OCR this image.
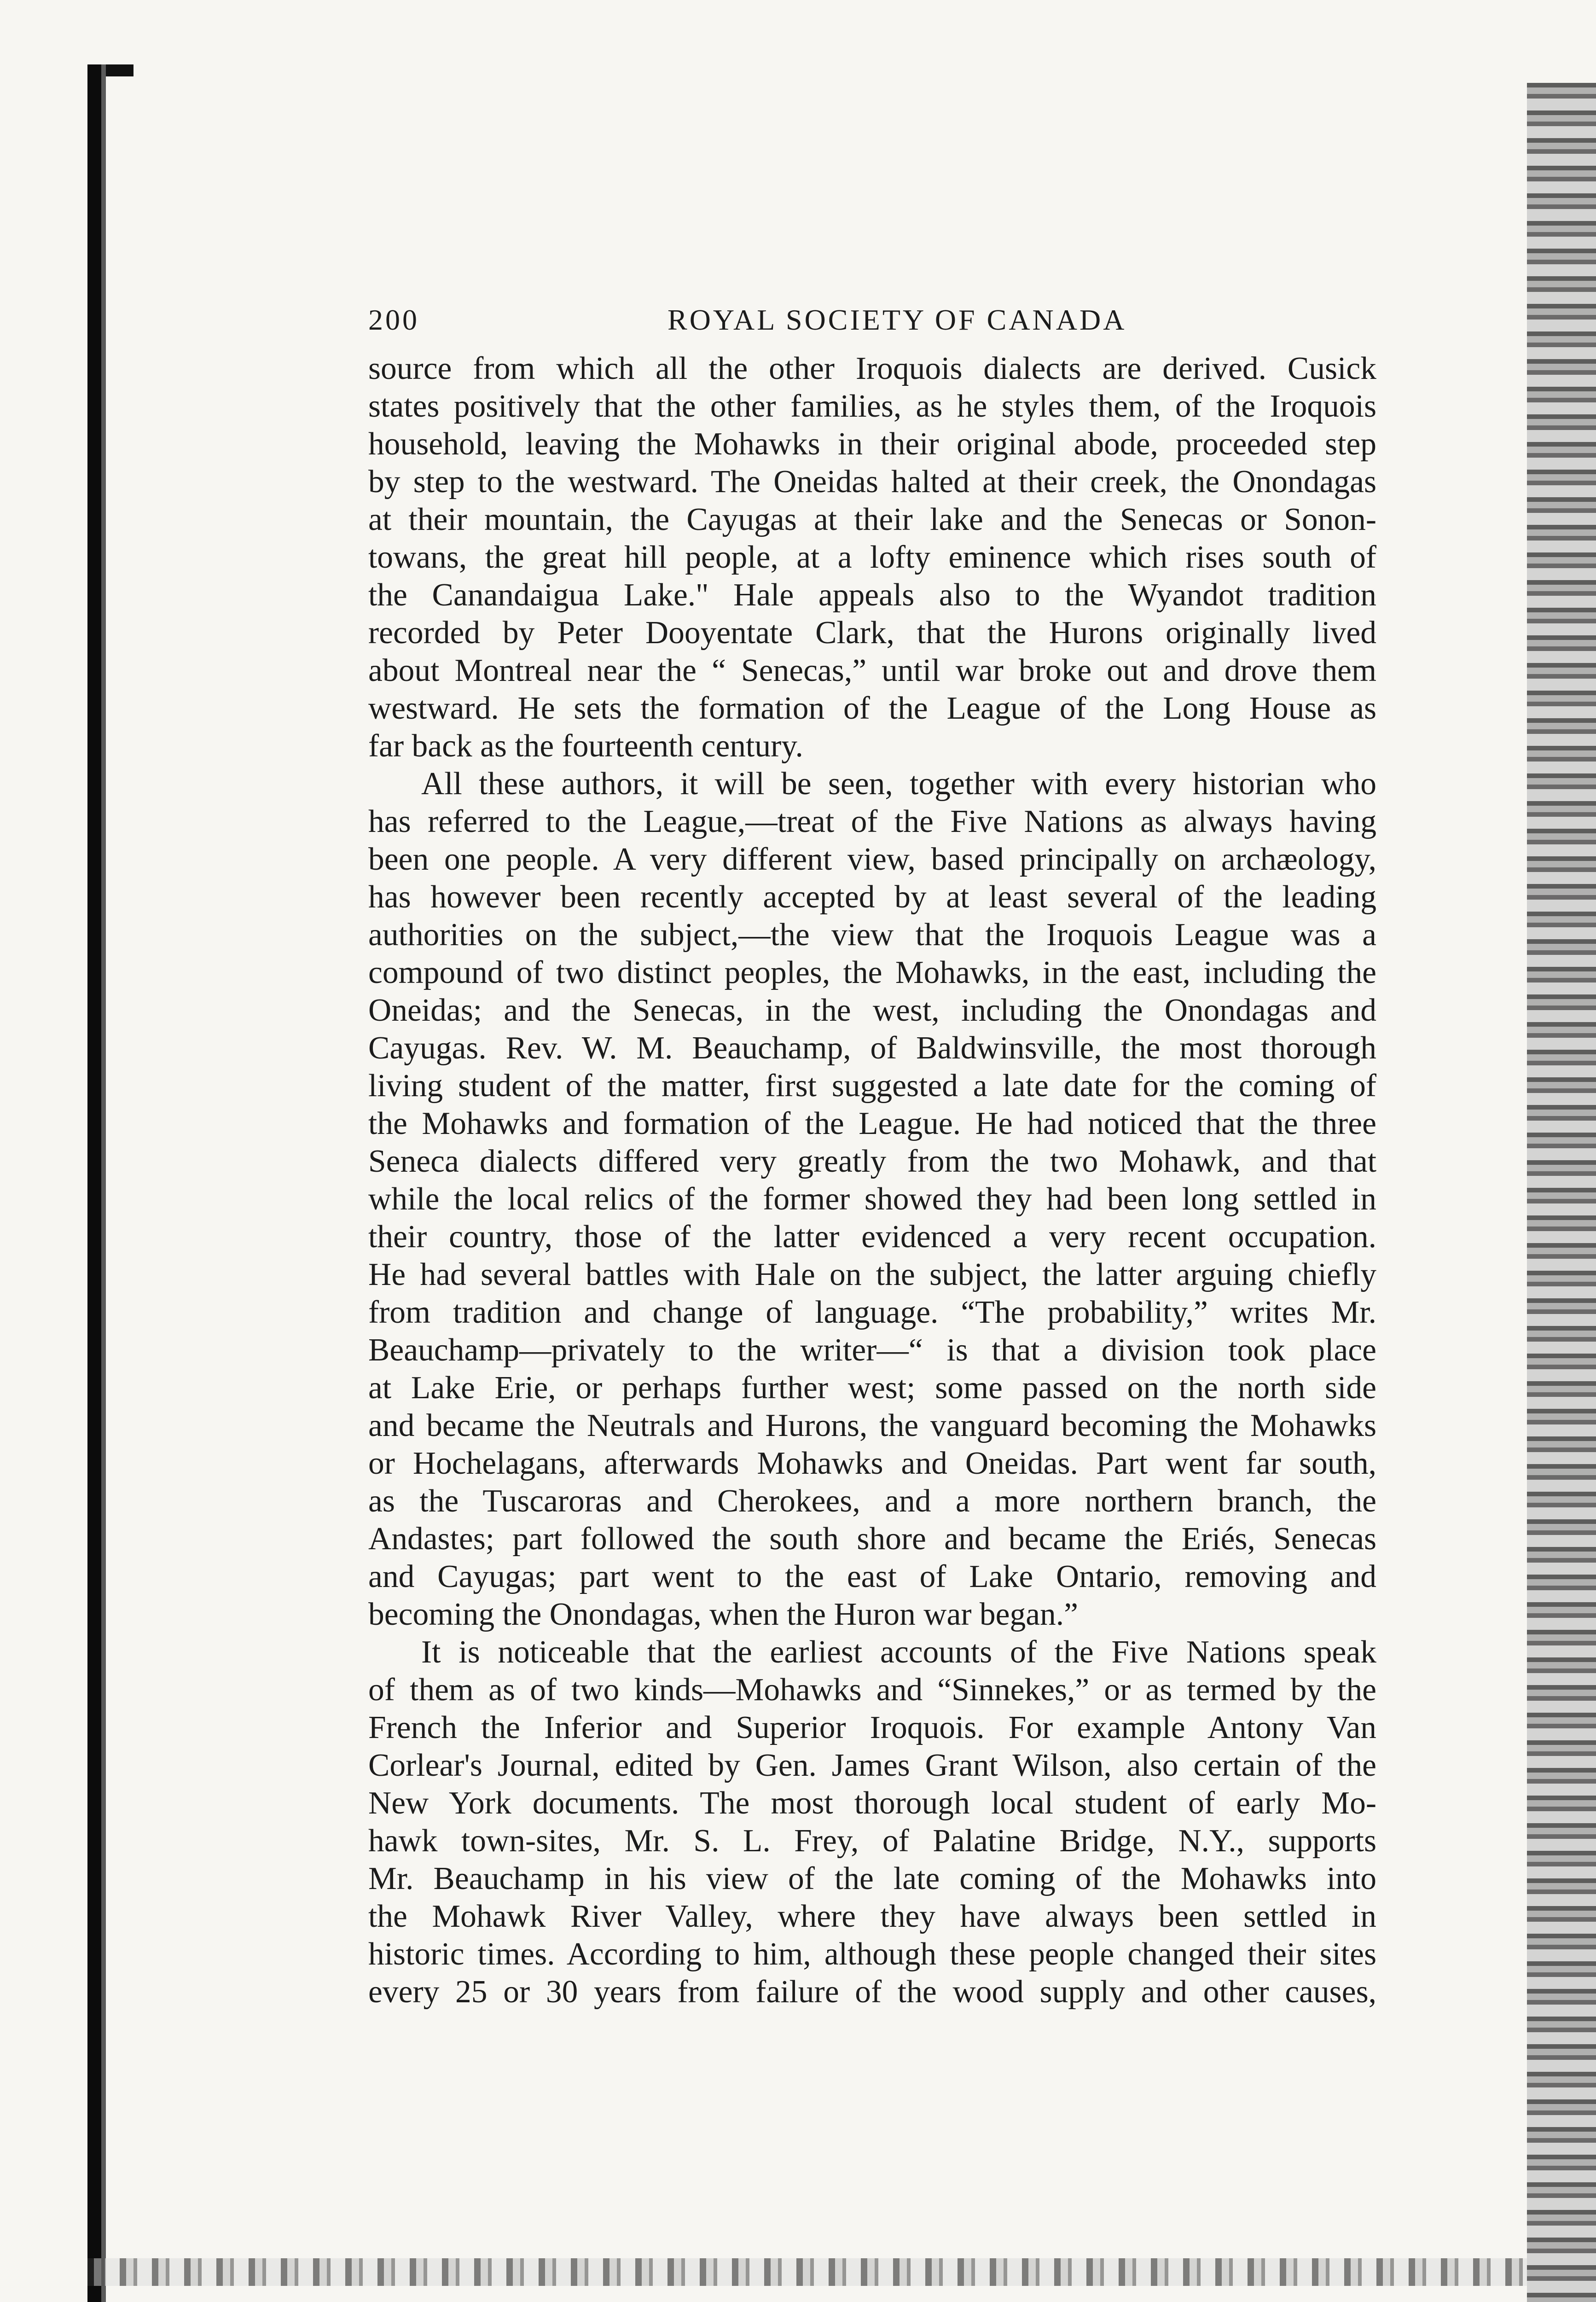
200	ROYAL SOCIETY OF CANADA
source from which all the other Iroquois dialects are derived. Cusick
states positively that the other families, as he styles them, of the Iroquois
household, leaving the Mohawks in their original abode, proceeded step
by step to the westward. The Oneidas halted at their creek, the Onondagas
at their mountain, the Cayugas at their lake and the Senecas or Sonon-
towans, the great hill people, at a lofty eminence which rises south of
the Canandaigua Lake." Hale appeals also to the Wyandot tradition
recorded by Peter Dooyentate Clark, that the Hurons originally lived
about Montreal near the “ Senecas,” until war broke out and drove them
westward. He sets the formation of the League of the Long House as
far back as the fourteenth century.
All these authors, it will be seen, together with every historian who
has referred to the League,—treat of the Five Nations as always having
been one people. A very different view, based principally on archæology,
has however been recently accepted by at least several of the leading
authorities on the subject,—the view that the Iroquois League was a
compound of two distinct peoples, the Mohawks, in the east, including the
Oneidas; and the Senecas, in the west, including the Onondagas and
Cayugas. Rev. W. M. Beauchamp, of Baldwinsville, the most thorough
living student of the matter, first suggested a late date for the coming of
the Mohawks and formation of the League. He had noticed that the three
Seneca dialects differed very greatly from the two Mohawk, and that
while the local relics of the former showed they had been long settled in
their country, those of the latter evidenced a very recent occupation.
He had several battles with Hale on the subject, the latter arguing chiefly
from tradition and change of language. “The probability,” writes Mr.
Beauchamp—privately to the writer—“ is that a division took place
at Lake Erie, or perhaps further west; some passed on the north side
and became the Neutrals and Hurons, the vanguard becoming the Mohawks
or Hochelagans, afterwards Mohawks and Oneidas. Part went far south,
as the Tuscaroras and Cherokees, and a more northern branch, the
Andastes; part followed the south shore and became the Eriés, Senecas
and Cayugas; part went to the east of Lake Ontario, removing and
becoming the Onondagas, when the Huron war began.”
It is noticeable that the earliest accounts of the Five Nations speak
of them as of two kinds—Mohawks and “Sinnekes,” or as termed by the
French the Inferior and Superior Iroquois. For example Antony Van
Corlear's Journal, edited by Gen. James Grant Wilson, also certain of the
New York documents. The most thorough local student of early Mo-
hawk town-sites, Mr. S. L. Frey, of Palatine Bridge, N.Y., supports
Mr. Beauchamp in his view of the late coming of the Mohawks into
the Mohawk River Valley, where they have always been settled in
historic times. According to him, although these people changed their sites
every 25 or 30 years from failure of the wood supply and other causes,
